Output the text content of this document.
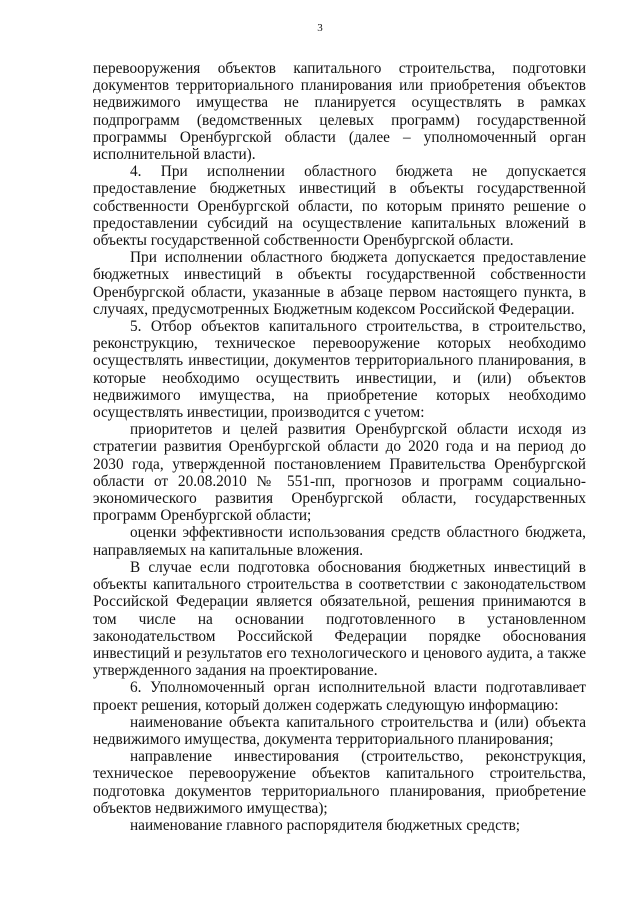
3

перевооружения объектов капитального строительства, подготовки документов территориального планирования или приобретения объектов недвижимого имущества не планируется осуществлять в рамках подпрограмм (ведомственных целевых программ) государственной программы Оренбургской области (далее – уполномоченный орган исполнительной власти).

4. При исполнении областного бюджета не допускается предоставление бюджетных инвестиций в объекты государственной собственности Оренбургской области, по которым принято решение о предоставлении субсидий на осуществление капитальных вложений в объекты государственной собственности Оренбургской области.

При исполнении областного бюджета допускается предоставление бюджетных инвестиций в объекты государственной собственности Оренбургской области, указанные в абзаце первом настоящего пункта, в случаях, предусмотренных Бюджетным кодексом Российской Федерации.

5. Отбор объектов капитального строительства, в строительство, реконструкцию, техническое перевооружение которых необходимо осуществлять инвестиции, документов территориального планирования, в которые необходимо осуществить инвестиции, и (или) объектов недвижимого имущества, на приобретение которых необходимо осуществлять инвестиции, производится с учетом:

приоритетов и целей развития Оренбургской области исходя из стратегии развития Оренбургской области до 2020 года и на период до 2030 года, утвержденной постановлением Правительства Оренбургской области от 20.08.2010 № 551-пп, прогнозов и программ социально-экономического развития Оренбургской области, государственных программ Оренбургской области;

оценки эффективности использования средств областного бюджета, направляемых на капитальные вложения.

В случае если подготовка обоснования бюджетных инвестиций в объекты капитального строительства в соответствии с законодательством Российской Федерации является обязательной, решения принимаются в том числе на основании подготовленного в установленном законодательством Российской Федерации порядке обоснования инвестиций и результатов его технологического и ценового аудита, а также утвержденного задания на проектирование.

6. Уполномоченный орган исполнительной власти подготавливает проект решения, который должен содержать следующую информацию:

наименование объекта капитального строительства и (или) объекта недвижимого имущества, документа территориального планирования;

направление инвестирования (строительство, реконструкция, техническое перевооружение объектов капитального строительства, подготовка документов территориального планирования, приобретение объектов недвижимого имущества);

наименование главного распорядителя бюджетных средств;
